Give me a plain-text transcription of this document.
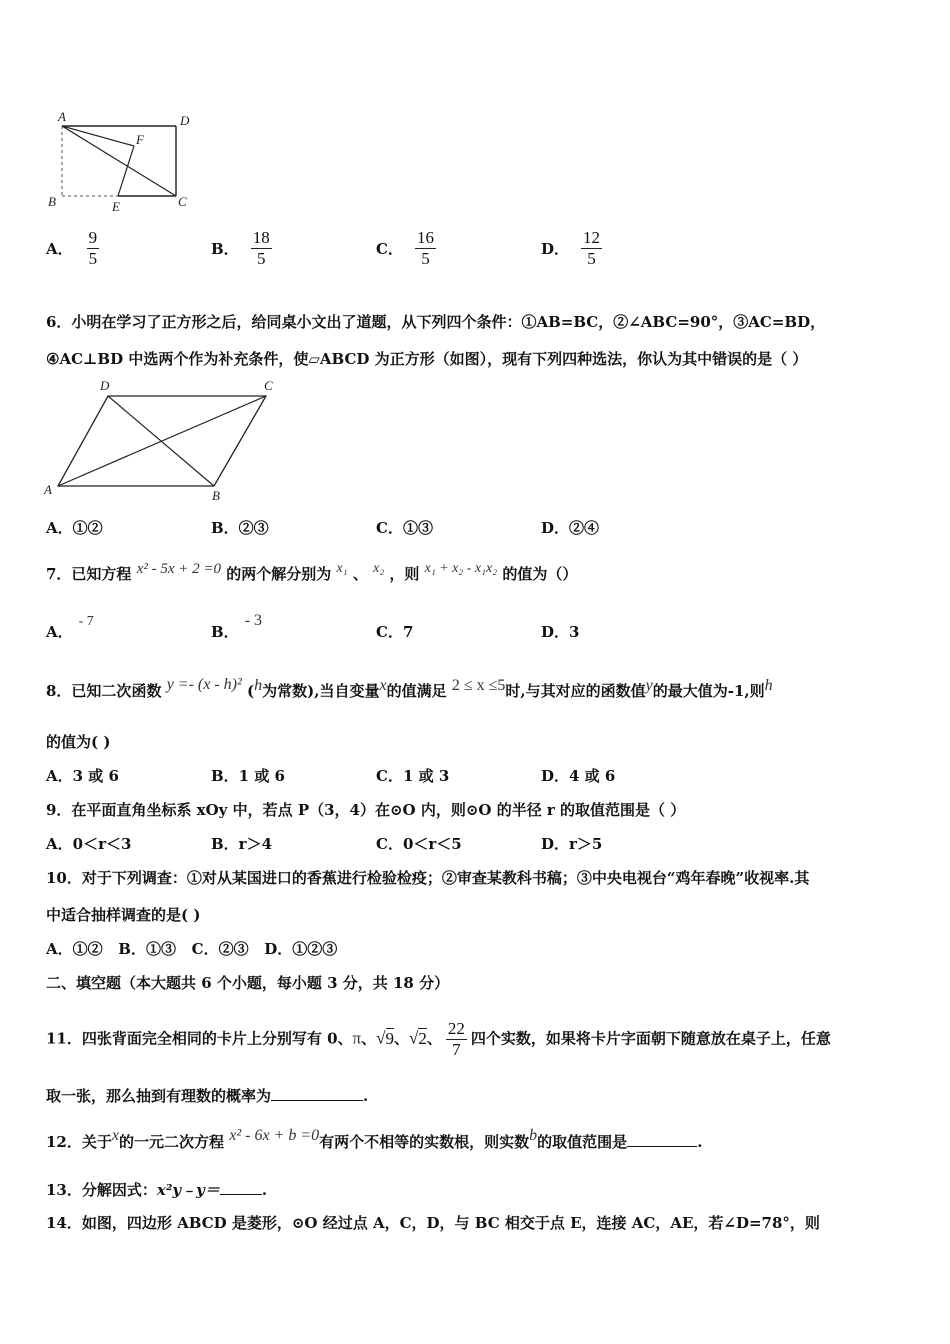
A	D
F
B	E	C
A． $\frac{9}{5}$	B． $\frac{18}{5}$	C． $\frac{16}{5}$	D． $\frac{12}{5}$
6．小明在学习了正方形之后，给同桌小文出了道题，从下列四个条件：①AB=BC，②∠ABC=90°，③AC=BD，
④AC⊥BD 中选两个作为补充条件，使▱ABCD 为正方形（如图），现有下列四种选法，你认为其中错误的是（ ）
D	C
A	B
A．①②	B．②③	C．①③	D．②④
7．已知方程 x² - 5x + 2 =0 的两个解分别为 x₁ 、 x₂ ，则 x₁ + x₂ - x₁x₂ 的值为（）
A．- 7
B．- 3
C．7	D．3
8．已知二次函数 y =- (x - h)² (h为常数),当自变量x的值满足 2 ≤ x ≤5时,与其对应的函数值y的最大值为-1,则h
的值为( )
A．3 或 6	B．1 或 6	C．1 或 3	D．4 或 6
9．在平面直角坐标系 xOy 中，若点 P（3，4）在⊙O 内，则⊙O 的半径 r 的取值范围是（ ）
A．0＜r＜3	B．r＞4	C．0＜r＜5	D．r＞5
10．对于下列调查：①对从某国进口的香蕉进行检验检疫；②审查某教科书稿；③中央电视台“鸡年春晚”收视率.其
中适合抽样调查的是( )
A．①②   B．①③   C．②③   D．①②③
二、填空题（本大题共 6 个小题，每小题 3 分，共 18 分）
11．四张背面完全相同的卡片上分别写有 0、π、√9、√2、 $\frac{22}{7}$ 四个实数，如果将卡片字面朝下随意放在桌子上，任意
取一张，那么抽到有理数的概率为	.
12．关于x的一元二次方程 x² - 6x + b =0有两个不相等的实数根，则实数b的取值范围是	.
13．分解因式：x²y﹣y＝	.
14．如图，四边形 ABCD 是菱形，⊙O 经过点 A，C，D，与 BC 相交于点 E，连接 AC，AE，若∠D=78°，则
